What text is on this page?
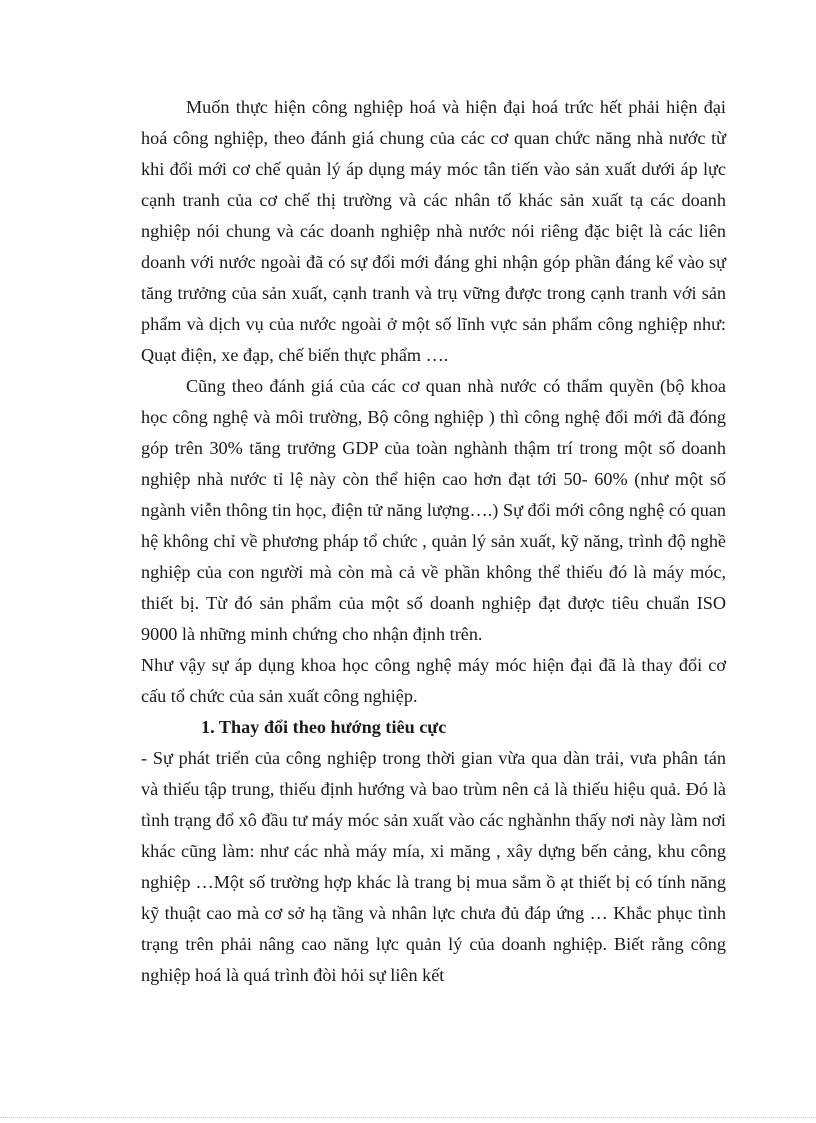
Muốn thực hiện công nghiệp hoá và hiện đại hoá trức hết phải hiện đại hoá công nghiệp, theo đánh giá chung của các cơ quan chức năng nhà nước từ khi đổi mới cơ chế quản lý áp dụng máy móc tân tiến vào sản xuất dưới áp lực cạnh tranh của cơ chế thị trường và các nhân tố khác sản xuất tạ các doanh nghiệp nói chung và các doanh nghiệp nhà nước nói riêng đặc biệt là các liên doanh với nước ngoài đã có sự đổi mới đáng ghi nhận góp phần đáng kể vào sự tăng trưởng của sản xuất, cạnh tranh và trụ vững được trong cạnh tranh với sản phẩm và dịch vụ của nước ngoài ở một số lĩnh vực sản phẩm công nghiệp như: Quạt điện, xe đạp, chế biến thực phẩm ….

Cũng theo đánh giá của các cơ quan nhà nước có thẩm quyền (bộ khoa học công nghệ và môi trường, Bộ công nghiệp ) thì công nghệ đổi mới đã đóng góp trên 30% tăng trưởng GDP của toàn nghành thậm trí trong một số doanh nghiệp nhà nước tỉ lệ này còn thể hiện cao hơn đạt tới 50- 60% (như một số ngành viễn thông tin học, điện tử năng lượng….) Sự đổi mới công nghệ có quan hệ không chỉ về phương pháp tổ chức , quản lý sản xuất, kỹ năng, trình độ nghề nghiệp của con người mà còn mà cả về phần không thể thiếu đó là máy móc, thiết bị. Từ đó sản phẩm của một số doanh nghiệp đạt được tiêu chuẩn ISO 9000 là những minh chứng cho nhận định trên.

Như vậy sự áp dụng khoa học công nghệ máy móc hiện đại đã là thay đổi cơ cấu tổ chức của sản xuất công nghiệp.

1. Thay đổi theo hướng tiêu cực

- Sự phát triển của công nghiệp trong thời gian vừa qua dàn trải, vưa phân tán và thiếu tập trung, thiếu định hướng và bao trùm nên cả là thiếu hiệu quả. Đó là tình trạng đổ xô đầu tư máy móc sản xuất vào các nghànhn thấy nơi này làm nơi khác cũng làm: như các nhà máy mía, xi măng , xây dựng bến cảng, khu công nghiệp …Một số trường hợp khác là trang bị mua sắm ồ ạt thiết bị có tính năng kỹ thuật cao mà cơ sở hạ tầng và nhân lực chưa đủ đáp ứng … Khắc phục tình trạng trên phải nâng cao năng lực quản lý của doanh nghiệp. Biết rằng công nghiệp hoá là quá trình đòi hỏi sự liên kết
